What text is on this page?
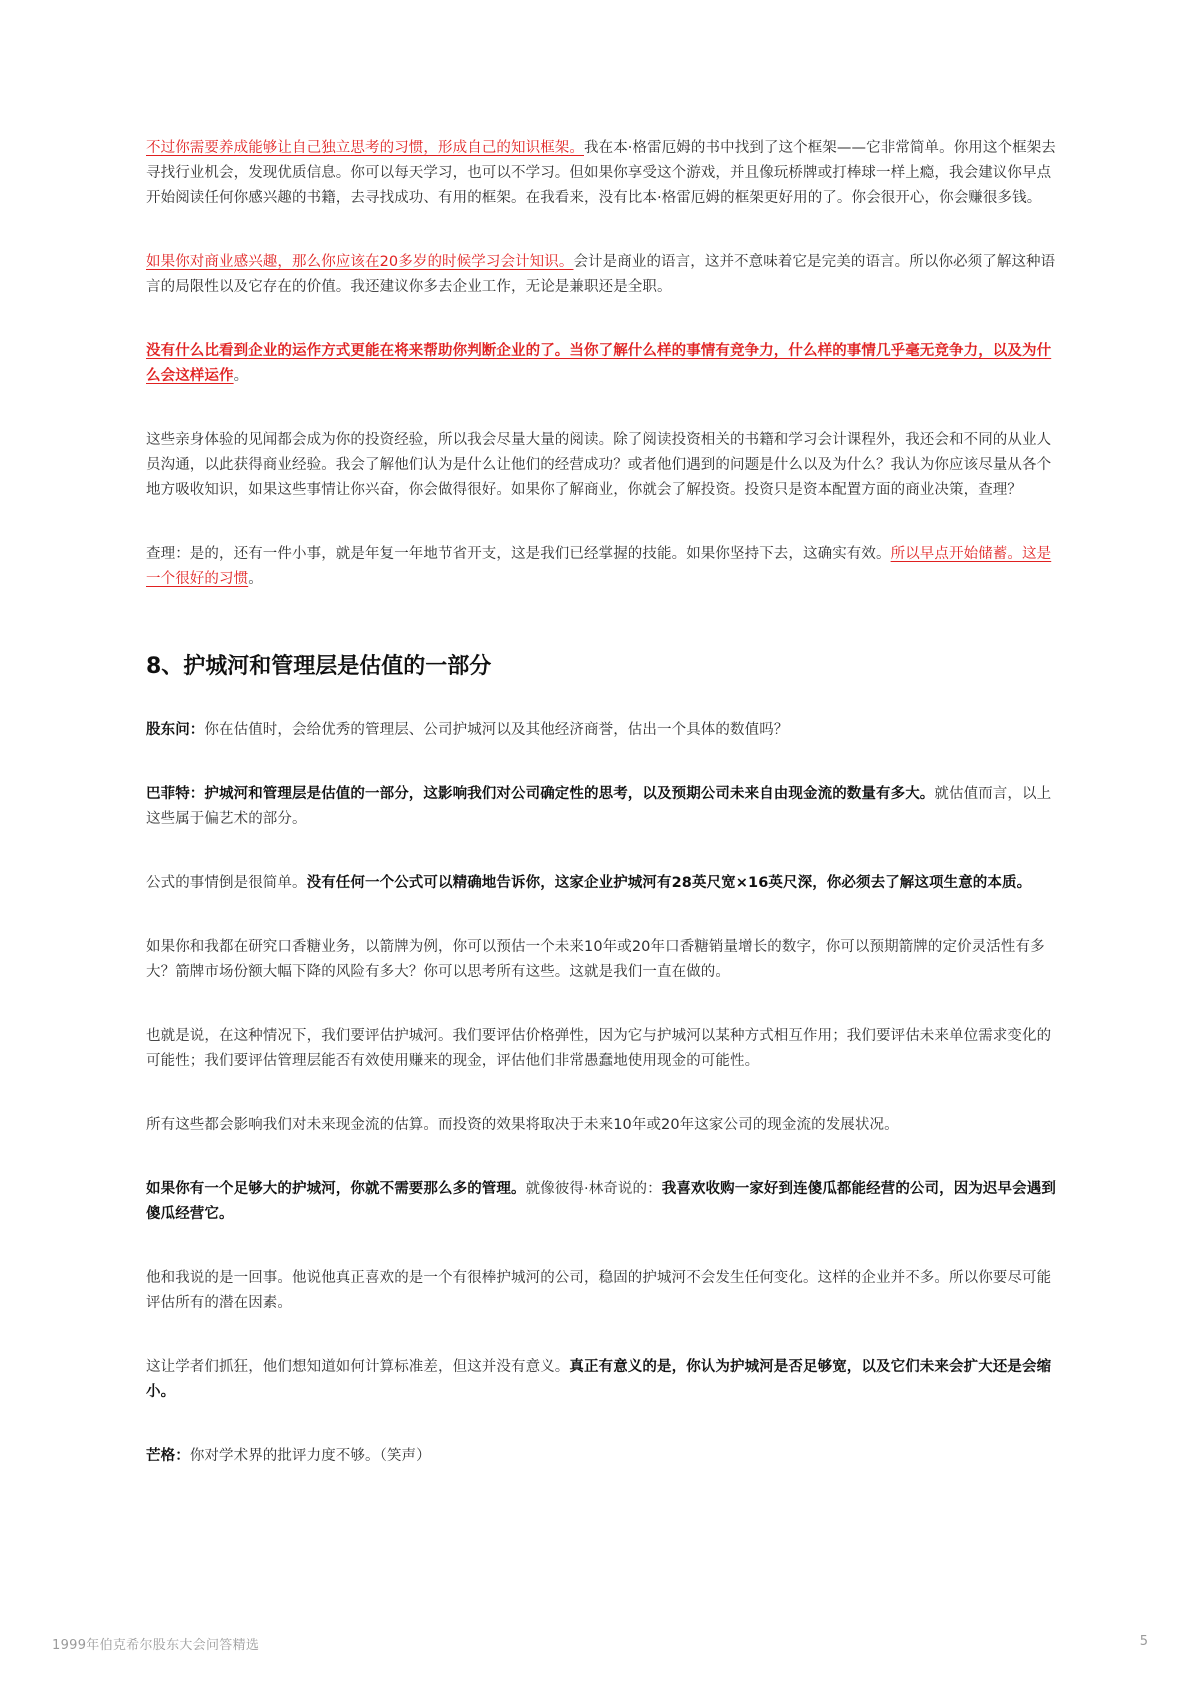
不过你需要养成能够让自己独立思考的习惯，形成自己的知识框架。我在本·格雷厄姆的书中找到了这个框架——它非常简单。你用这个框架去寻找行业机会，发现优质信息。你可以每天学习，也可以不学习。但如果你享受这个游戏，并且像玩桥牌或打棒球一样上瘾，我会建议你早点开始阅读任何你感兴趣的书籍，去寻找成功、有用的框架。在我看来，没有比本·格雷厄姆的框架更好用的了。你会很开心，你会赚很多钱。

如果你对商业感兴趣，那么你应该在20多岁的时候学习会计知识。会计是商业的语言，这并不意味着它是完美的语言。所以你必须了解这种语言的局限性以及它存在的价值。我还建议你多去企业工作，无论是兼职还是全职。

没有什么比看到企业的运作方式更能在将来帮助你判断企业的了。当你了解什么样的事情有竞争力，什么样的事情几乎毫无竞争力，以及为什么会这样运作。

这些亲身体验的见闻都会成为你的投资经验，所以我会尽量大量的阅读。除了阅读投资相关的书籍和学习会计课程外，我还会和不同的从业人员沟通，以此获得商业经验。我会了解他们认为是什么让他们的经营成功？或者他们遇到的问题是什么以及为什么？我认为你应该尽量从各个地方吸收知识，如果这些事情让你兴奋，你会做得很好。如果你了解商业，你就会了解投资。投资只是资本配置方面的商业决策，查理？

查理：是的，还有一件小事，就是年复一年地节省开支，这是我们已经掌握的技能。如果你坚持下去，这确实有效。所以早点开始储蓄。这是一个很好的习惯。

8、护城河和管理层是估值的一部分

股东问：你在估值时，会给优秀的管理层、公司护城河以及其他经济商誉，估出一个具体的数值吗？

巴菲特：护城河和管理层是估值的一部分，这影响我们对公司确定性的思考，以及预期公司未来自由现金流的数量有多大。就估值而言，以上这些属于偏艺术的部分。

公式的事情倒是很简单。没有任何一个公式可以精确地告诉你，这家企业护城河有28英尺宽×16英尺深，你必须去了解这项生意的本质。

如果你和我都在研究口香糖业务，以箭牌为例，你可以预估一个未来10年或20年口香糖销量增长的数字，你可以预期箭牌的定价灵活性有多大？箭牌市场份额大幅下降的风险有多大？你可以思考所有这些。这就是我们一直在做的。

也就是说，在这种情况下，我们要评估护城河。我们要评估价格弹性，因为它与护城河以某种方式相互作用；我们要评估未来单位需求变化的可能性；我们要评估管理层能否有效使用赚来的现金，评估他们非常愚蠢地使用现金的可能性。

所有这些都会影响我们对未来现金流的估算。而投资的效果将取决于未来10年或20年这家公司的现金流的发展状况。

如果你有一个足够大的护城河，你就不需要那么多的管理。就像彼得·林奇说的：我喜欢收购一家好到连傻瓜都能经营的公司，因为迟早会遇到傻瓜经营它。

他和我说的是一回事。他说他真正喜欢的是一个有很棒护城河的公司，稳固的护城河不会发生任何变化。这样的企业并不多。所以你要尽可能评估所有的潜在因素。

这让学者们抓狂，他们想知道如何计算标准差，但这并没有意义。真正有意义的是，你认为护城河是否足够宽，以及它们未来会扩大还是会缩小。

芒格：你对学术界的批评力度不够。（笑声）

1999年伯克希尔股东大会问答精选	5
